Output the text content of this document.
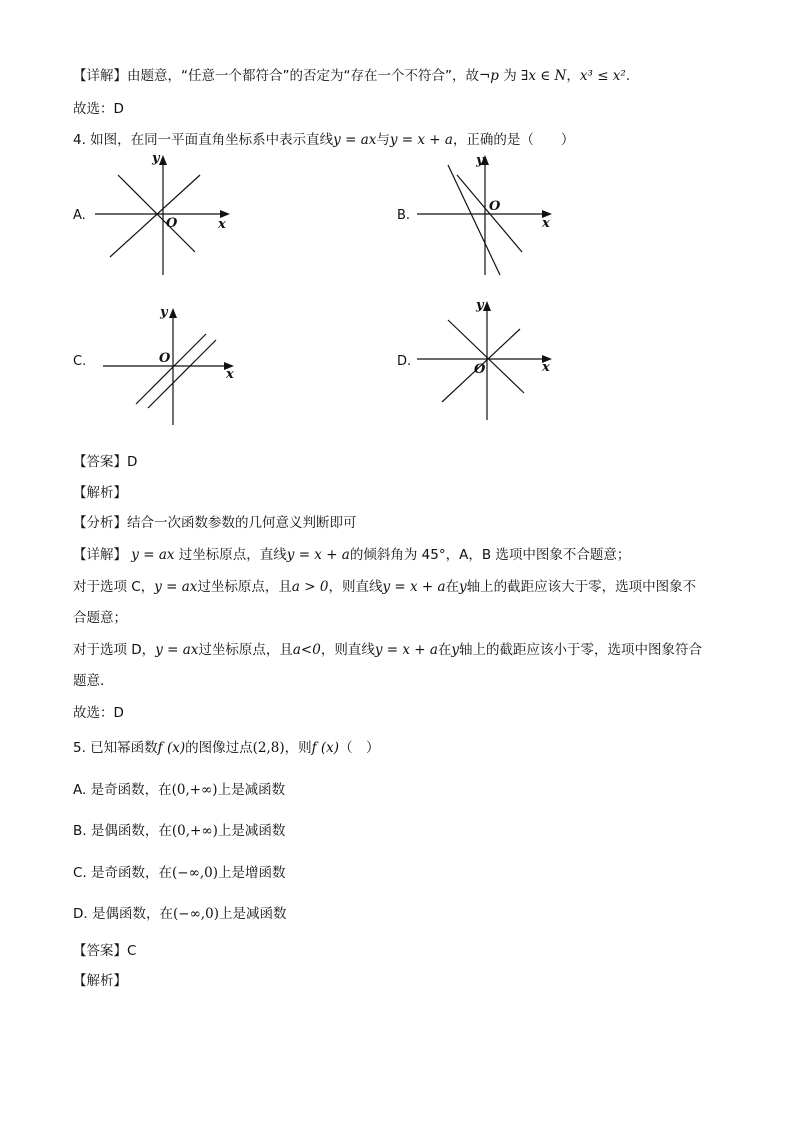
【详解】由题意，“任意一个都符合”的否定为“存在一个不符合”，故¬p 为 ∃x ∈ N，x³ ≤ x².
故选：D
4. 如图，在同一平面直角坐标系中表示直线y = ax与y = x + a，正确的是（　　）
A.
O	x
y
B.
O
x
y
C.	O
x
y
D.
O	x
y
【答案】D
【解析】
【分析】结合一次函数参数的几何意义判断即可
【详解】 y = ax 过坐标原点，直线y = x + a的倾斜角为 45°，A，B 选项中图象不合题意；
对于选项 C，y = ax过坐标原点，且a > 0，则直线y = x + a在y轴上的截距应该大于零，选项中图象不
合题意；
对于选项 D，y = ax过坐标原点，且a<0，则直线y = x + a在y轴上的截距应该小于零，选项中图象符合
题意．
故选：D
5. 已知幂函数f (x)的图像过点(2,8)，则f (x)（　）
A. 是奇函数，在(0,+∞)上是减函数
B. 是偶函数，在(0,+∞)上是减函数
C. 是奇函数，在(−∞,0)上是增函数
D. 是偶函数，在(−∞,0)上是减函数
【答案】C
【解析】
